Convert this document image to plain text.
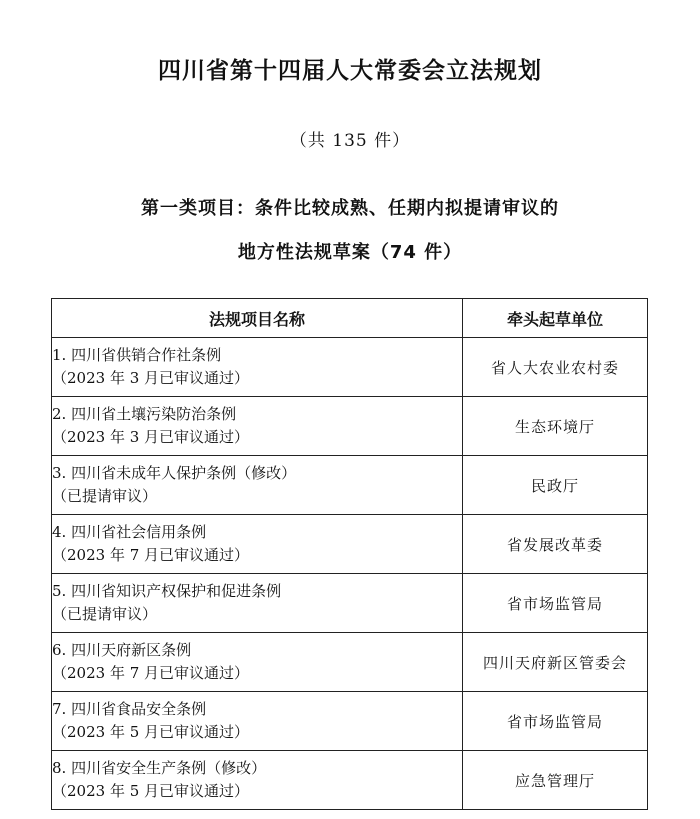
四川省第十四届人大常委会立法规划
（共 135 件）
第一类项目：条件比较成熟、任期内拟提请审议的
地方性法规草案（74 件）
法规项目名称	牵头起草单位

1. 四川省供销合作社条例
（2023 年 3 月已审议通过）	省人大农业农村委

2. 四川省土壤污染防治条例
（2023 年 3 月已审议通过）	生态环境厅

3. 四川省未成年人保护条例（修改）
（已提请审议）	民政厅

4. 四川省社会信用条例
（2023 年 7 月已审议通过）	省发展改革委

5. 四川省知识产权保护和促进条例
（已提请审议）	省市场监管局

6. 四川天府新区条例
（2023 年 7 月已审议通过）	四川天府新区管委会

7. 四川省食品安全条例
（2023 年 5 月已审议通过）	省市场监管局

8. 四川省安全生产条例（修改）
（2023 年 5 月已审议通过）	应急管理厅
